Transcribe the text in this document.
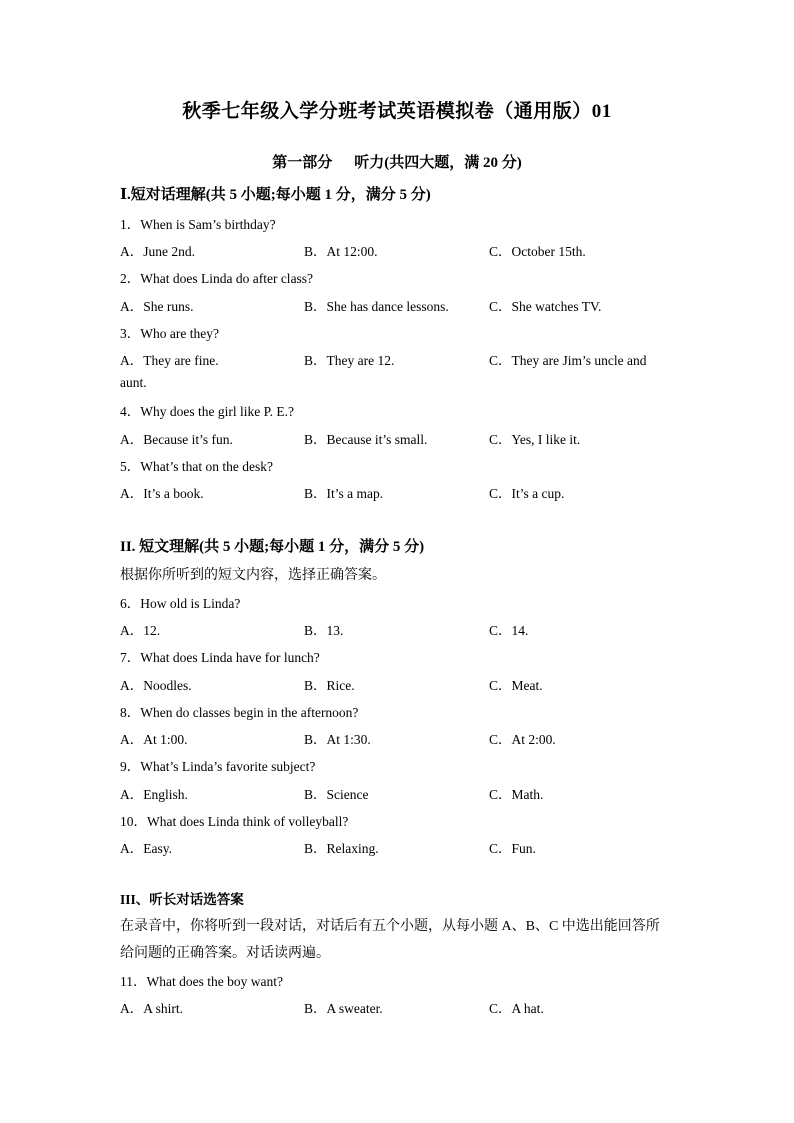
秋季七年级入学分班考试英语模拟卷（通用版）01
第一部分 听力(共四大题，满 20 分)
Ⅰ.短对话理解(共 5 小题;每小题 1 分，满分 5 分)
1．When is Sam’s birthday?
A．June 2nd.	B．At 12:00.	C．October 15th.
2．What does Linda do after class?
A．She runs.	B．She has dance lessons.	C．She watches TV.
3．Who are they?
A．They are fine.	B．They are 12.	C．They are Jim’s uncle and
aunt.
4．Why does the girl like P. E.?
A．Because it’s fun.	B．Because it’s small.	C．Yes, I like it.
5．What’s that on the desk?
A．It’s a book.	B．It’s a map.	C．It’s a cup.
II. 短文理解(共 5 小题;每小题 1 分，满分 5 分)
根据你所听到的短文内容，选择正确答案。
6．How old is Linda?
A．12.	B．13.	C．14.
7．What does Linda have for lunch?
A．Noodles.	B．Rice.	C．Meat.
8．When do classes begin in the afternoon?
A．At 1:00.	B．At 1:30.	C．At 2:00.
9．What’s Linda’s favorite subject?
A．English.	B．Science	C．Math.
10．What does Linda think of volleyball?
A．Easy.	B．Relaxing.	C．Fun.
III、听长对话选答案
在录音中，你将听到一段对话，对话后有五个小题，从每小题 A、B、C 中选出能回答所
给问题的正确答案。对话读两遍。
11．What does the boy want?
A．A shirt.	B．A sweater.	C．A hat.
